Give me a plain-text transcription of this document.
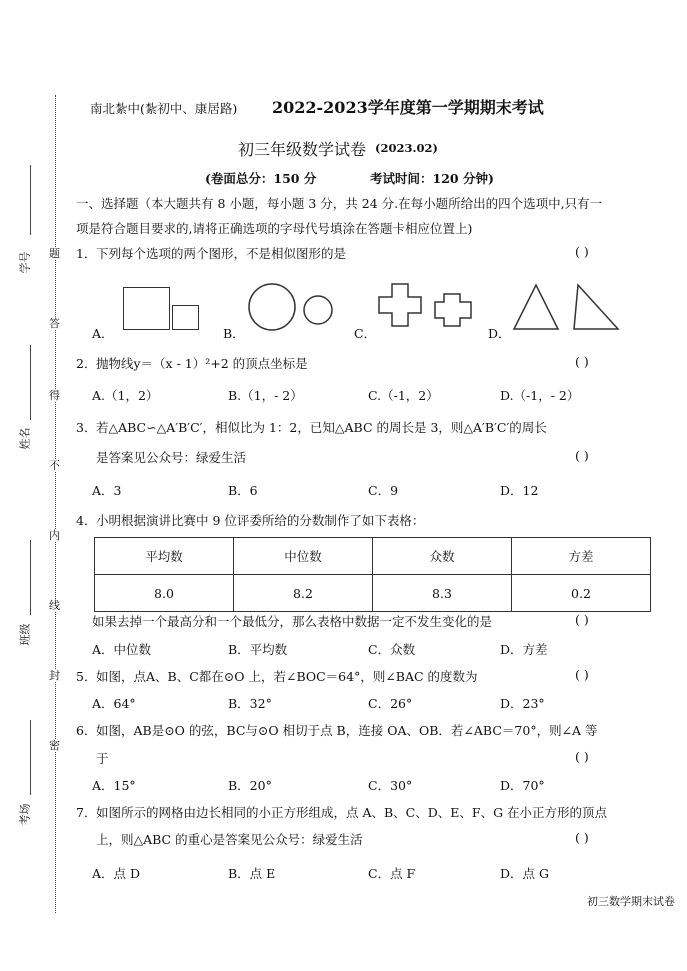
题
答
得
不
内
线
封
密
学号
姓名
班级
考场
南北紮中(紮初中、康居路) 2022-2023学年度第一学期期末考试
初三年级数学试卷 (2023.02)
(卷面总分：150 分	考试时间：120 分钟)
一、选择题（本大题共有 8 小题，每小题 3 分，共 24 分.在每小题所给出的四个选项中,只有一
项是符合题目要求的,请将正确选项的字母代号填涂在答题卡相应位置上)
1． 下列每个选项的两个图形，不是相似图形的是	( )
A．	B．	C．	D．
2． 抛物线y＝（x - 1）²+2 的顶点坐标是	( )
A.（1，2）	B.（1，- 2）	C.（-1，2）	D.（-1，- 2）
3． 若△ABC∽△A′B′C′，相似比为 1：2，已知△ABC 的周长是 3，则△A′B′C′的周长
是答案见公众号：绿爱生活	( )
A．3	B．6	C．9	D．12
4． 小明根据演讲比赛中 9 位评委所给的分数制作了如下表格：
平均数	中位数	众数	方差
8.0	8.2	8.3	0.2
如果去掉一个最高分和一个最低分，那么表格中数据一定不发生变化的是	( )
A．中位数	B．平均数	C．众数	D．方差
5． 如图，点A、B、C都在⊙O 上，若∠BOC＝64°，则∠BAC 的度数为	( )
A．64°	B．32°	C．26°	D．23°
6． 如图，AB是⊙O 的弦，BC与⊙O 相切于点 B，连接 OA、OB．若∠ABC＝70°，则∠A 等
于	( )
A．15°	B．20°	C．30°	D．70°
7． 如图所示的网格由边长相同的小正方形组成，点 A、B、C、D、E、F、G 在小正方形的顶点
上，则△ABC 的重心是答案见公众号：绿爱生活	( )
A．点 D	B．点 E	C．点 F	D．点 G
初三数学期末试卷
